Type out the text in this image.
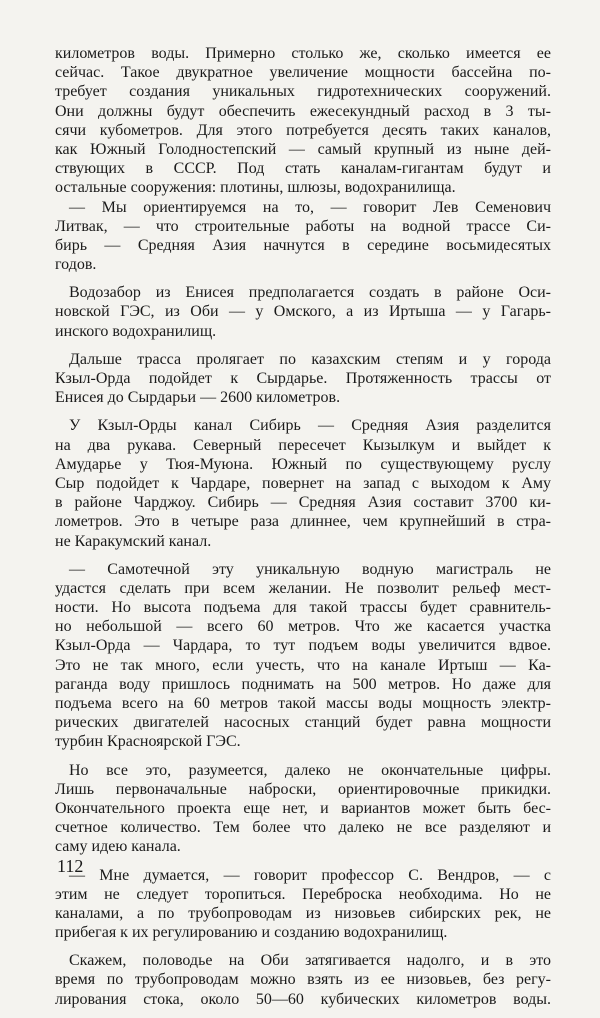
километров воды. Примерно столько же, сколько имеется ее
сейчас. Такое двукратное увеличение мощности бассейна по-
требует создания уникальных гидротехнических сооружений.
Они должны будут обеспечить ежесекундный расход в 3 ты-
сячи кубометров. Для этого потребуется десять таких каналов,
как Южный Голодностепский — самый крупный из ныне дей-
ствующих в СССР. Под стать каналам-гигантам будут и
остальные сооружения: плотины, шлюзы, водохранилища.
— Мы ориентируемся на то, — говорит Лев Семенович
Литвак, — что строительные работы на водной трассе Си-
бирь — Средняя Азия начнутся в середине восьмидесятых
годов.
Водозабор из Енисея предполагается создать в районе Оси-
новской ГЭС, из Оби — у Омского, а из Иртыша — у Гагарь-
инского водохранилищ.
Дальше трасса пролягает по казахским степям и у города
Кзыл-Орда подойдет к Сырдарье. Протяженность трассы от
Енисея до Сырдарьи — 2600 километров.
У Кзыл-Орды канал Сибирь — Средняя Азия разделится
на два рукава. Северный пересечет Кызылкум и выйдет к
Амударье у Тюя-Муюна. Южный по существующему руслу
Сыр подойдет к Чардаре, повернет на запад с выходом к Аму
в районе Чарджоу. Сибирь — Средняя Азия составит 3700 ки-
лометров. Это в четыре раза длиннее, чем крупнейший в стра-
не Каракумский канал.
— Самотечной эту уникальную водную магистраль не
удастся сделать при всем желании. Не позволит рельеф мест-
ности. Но высота подъема для такой трассы будет сравнитель-
но небольшой — всего 60 метров. Что же касается участка
Кзыл-Орда — Чардара, то тут подъем воды увеличится вдвое.
Это не так много, если учесть, что на канале Иртыш — Ка-
раганда воду пришлось поднимать на 500 метров. Но даже для
подъема всего на 60 метров такой массы воды мощность электр-
рических двигателей насосных станций будет равна мощности
турбин Красноярской ГЭС.
Но все это, разумеется, далеко не окончательные цифры.
Лишь первоначальные наброски, ориентировочные прикидки.
Окончательного проекта еще нет, и вариантов может быть бес-
счетное количество. Тем более что далеко не все разделяют и
саму идею канала.
— Мне думается, — говорит профессор С. Вендров, — с
этим не следует торопиться. Переброска необходима. Но не
каналами, а по трубопроводам из низовьев сибирских рек, не
прибегая к их регулированию и созданию водохранилищ.
Скажем, половодье на Оби затягивается надолго, и в это
время по трубопроводам можно взять из ее низовьев, без регу-
лирования стока, около 50—60 кубических километров воды.
112
